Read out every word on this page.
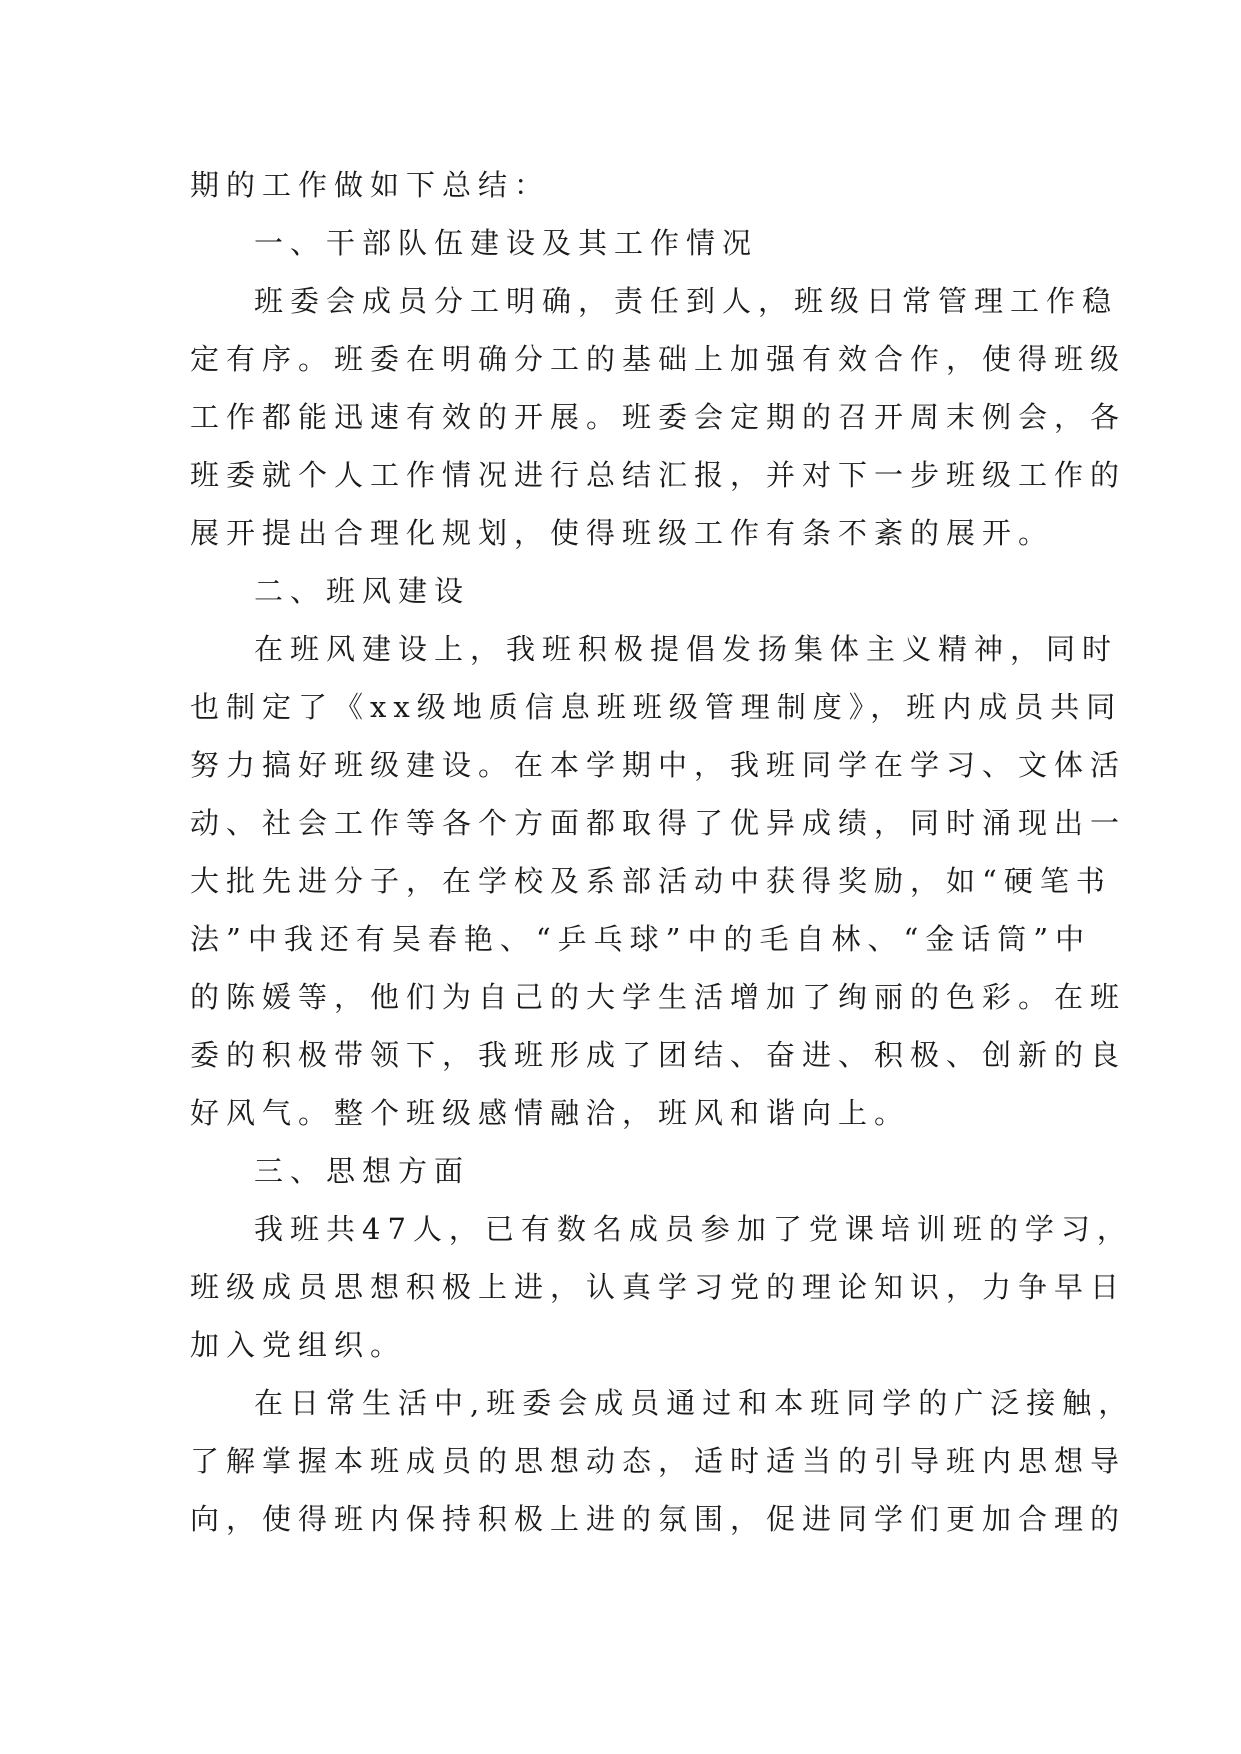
期的工作做如下总结：
一、干部队伍建设及其工作情况
班委会成员分工明确，责任到人，班级日常管理工作稳
定有序。班委在明确分工的基础上加强有效合作，使得班级
工作都能迅速有效的开展。班委会定期的召开周末例会，各
班委就个人工作情况进行总结汇报，并对下一步班级工作的
展开提出合理化规划，使得班级工作有条不紊的展开。
二、班风建设
在班风建设上，我班积极提倡发扬集体主义精神，同时
也制定了《xx级地质信息班班级管理制度》，班内成员共同
努力搞好班级建设。在本学期中，我班同学在学习、文体活
动、社会工作等各个方面都取得了优异成绩，同时涌现出一
大批先进分子，在学校及系部活动中获得奖励，如“硬笔书
法”中我还有吴春艳、“乒乓球”中的毛自林、“金话筒”中
的陈媛等，他们为自己的大学生活增加了绚丽的色彩。在班
委的积极带领下，我班形成了团结、奋进、积极、创新的良
好风气。整个班级感情融洽，班风和谐向上。
三、思想方面
我班共47人，已有数名成员参加了党课培训班的学习，
班级成员思想积极上进，认真学习党的理论知识，力争早日
加入党组织。
在日常生活中,班委会成员通过和本班同学的广泛接触，
了解掌握本班成员的思想动态，适时适当的引导班内思想导
向，使得班内保持积极上进的氛围，促进同学们更加合理的
